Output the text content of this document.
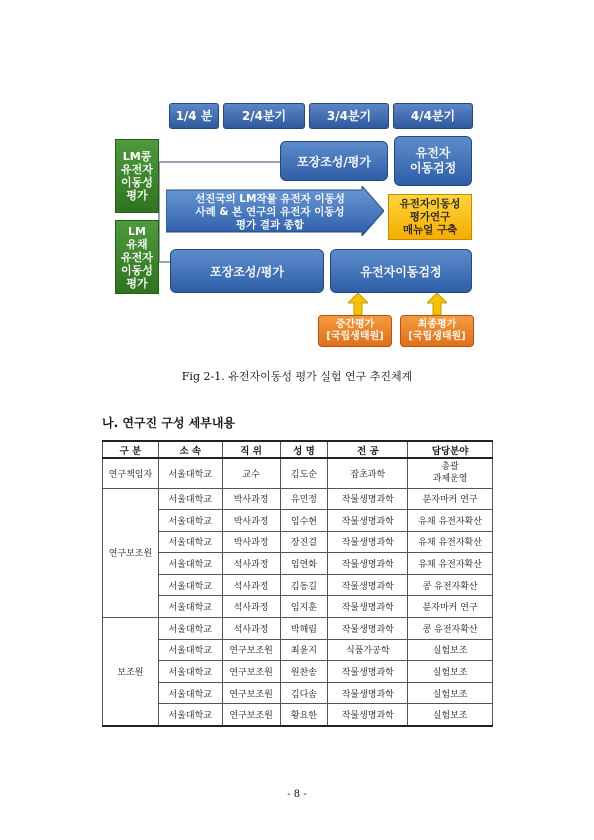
1/4 분기
2/4분기	3/4분기	4/4분기
LM콩
유전자
이동성
평가
LM
유채
유전자
이동성
평가
포장조성/평가
유전자
이동검정
선진국의 LM작물 유전자 이동성
사례 & 본 연구의 유전자 이동성
평가 결과 종합
유전자이동성
평가연구
매뉴얼 구축
포장조성/평가	유전자이동검정
중간평가
[국립생태원]
최종평가
[국립생태원]
Fig 2-1. 유전자이동성 평가 실험 연구 추진체계
나. 연구진 구성 세부내용
구 분	소 속	직 위	성 명	전 공	담당분야
연구책임자	서울대학교	교수	김도순	잡초과학	총괄
과제운영

연구보조원	서울대학교	박사과정	유민정	작물생명과학	분자마커 연구
	서울대학교	박사과정	임수현	작물생명과학	유채 유전자확산
	서울대학교	박사과정	장진걸	작물생명과학	유채 유전자확산
	서울대학교	석사과정	임연화	작물생명과학	유채 유전자확산
	서울대학교	석사과정	김동길	작물생명과학	콩 유전자확산
	서울대학교	석사과정	임지훈	작물생명과학	분자마커 연구
보조원	서울대학교	석사과정	박해림	작물생명과학	콩 유전자확산
	서울대학교	연구보조원	최윤지	식품가공학	실험보조
	서울대학교	연구보조원	원찬송	작물생명과학	실험보조
	서울대학교	연구보조원	김다솜	작물생명과학	실험보조
	서울대학교	연구보조원	황요한	작물생명과학	실험보조
- 8 -
